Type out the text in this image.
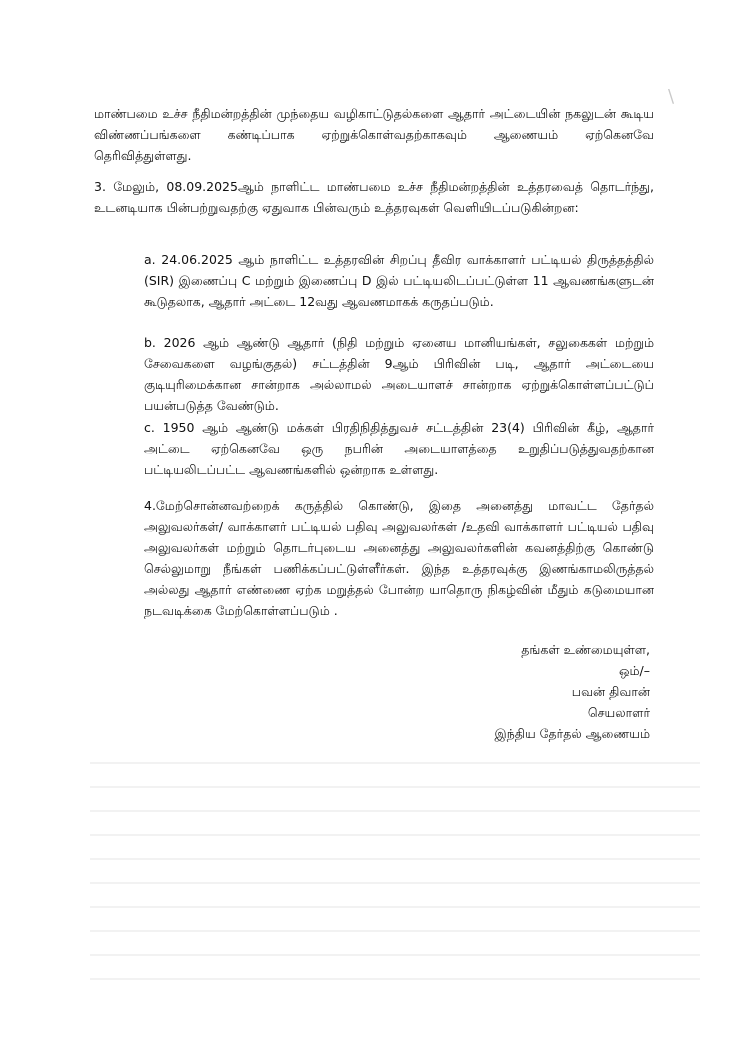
\

மாண்பமை உச்ச நீதிமன்றத்தின் முந்தைய வழிகாட்டுதல்களை ஆதார் அட்டையின் நகலுடன் கூடிய விண்ணப்பங்களை கண்டிப்பாக ஏற்றுக்கொள்வதற்காகவும் ஆணையம் ஏற்கெனவே தெரிவித்துள்ளது.

3. மேலும், 08.09.2025ஆம் நாளிட்ட மாண்பமை உச்ச நீதிமன்றத்தின் உத்தரவைத் தொடர்ந்து, உடனடியாக பின்பற்றுவதற்கு ஏதுவாக பின்வரும் உத்தரவுகள் வெளியிடப்படுகின்றன:

a. 24.06.2025 ஆம் நாளிட்ட உத்தரவின் சிறப்பு தீவிர வாக்காளர் பட்டியல் திருத்தத்தில் (SIR) இணைப்பு C மற்றும் இணைப்பு D இல் பட்டியலிடப்பட்டுள்ள 11 ஆவணங்களுடன் கூடுதலாக, ஆதார் அட்டை 12வது ஆவணமாகக் கருதப்படும்.

b. 2026 ஆம் ஆண்டு ஆதார் (நிதி மற்றும் ஏனைய மானியங்கள், சலுகைகள் மற்றும் சேவைகளை வழங்குதல்) சட்டத்தின் 9ஆம் பிரிவின் படி, ஆதார் அட்டையை குடியுரிமைக்கான சான்றாக அல்லாமல் அடையாளச் சான்றாக ஏற்றுக்கொள்ளப்பட்டுப் பயன்படுத்த வேண்டும்.

c. 1950 ஆம் ஆண்டு மக்கள் பிரதிநிதித்துவச் சட்டத்தின் 23(4) பிரிவின் கீழ், ஆதார் அட்டை ஏற்கெனவே ஒரு நபரின் அடையாளத்தை உறுதிப்படுத்துவதற்கான பட்டியலிடப்பட்ட ஆவணங்களில் ஒன்றாக உள்ளது.

4.மேற்சொன்னவற்றைக் கருத்தில் கொண்டு, இதை அனைத்து மாவட்ட தேர்தல் அலுவலர்கள்/ வாக்காளர் பட்டியல் பதிவு அலுவலர்கள் /உதவி வாக்காளர் பட்டியல் பதிவு அலுவலர்கள் மற்றும் தொடர்புடைய அனைத்து அலுவலர்களின் கவனத்திற்கு கொண்டு செல்லுமாறு நீங்கள் பணிக்கப்பட்டுள்ளீர்கள். இந்த உத்தரவுக்கு இணங்காமலிருத்தல் அல்லது ஆதார் எண்ணை ஏற்க மறுத்தல் போன்ற யாதொரு நிகழ்வின் மீதும் கடுமையான நடவடிக்கை மேற்கொள்ளப்படும் .

தங்கள் உண்மையுள்ள,
ஒம்/–
பவன் திவான்
செயலாளர்
இந்திய தேர்தல் ஆணையம்
